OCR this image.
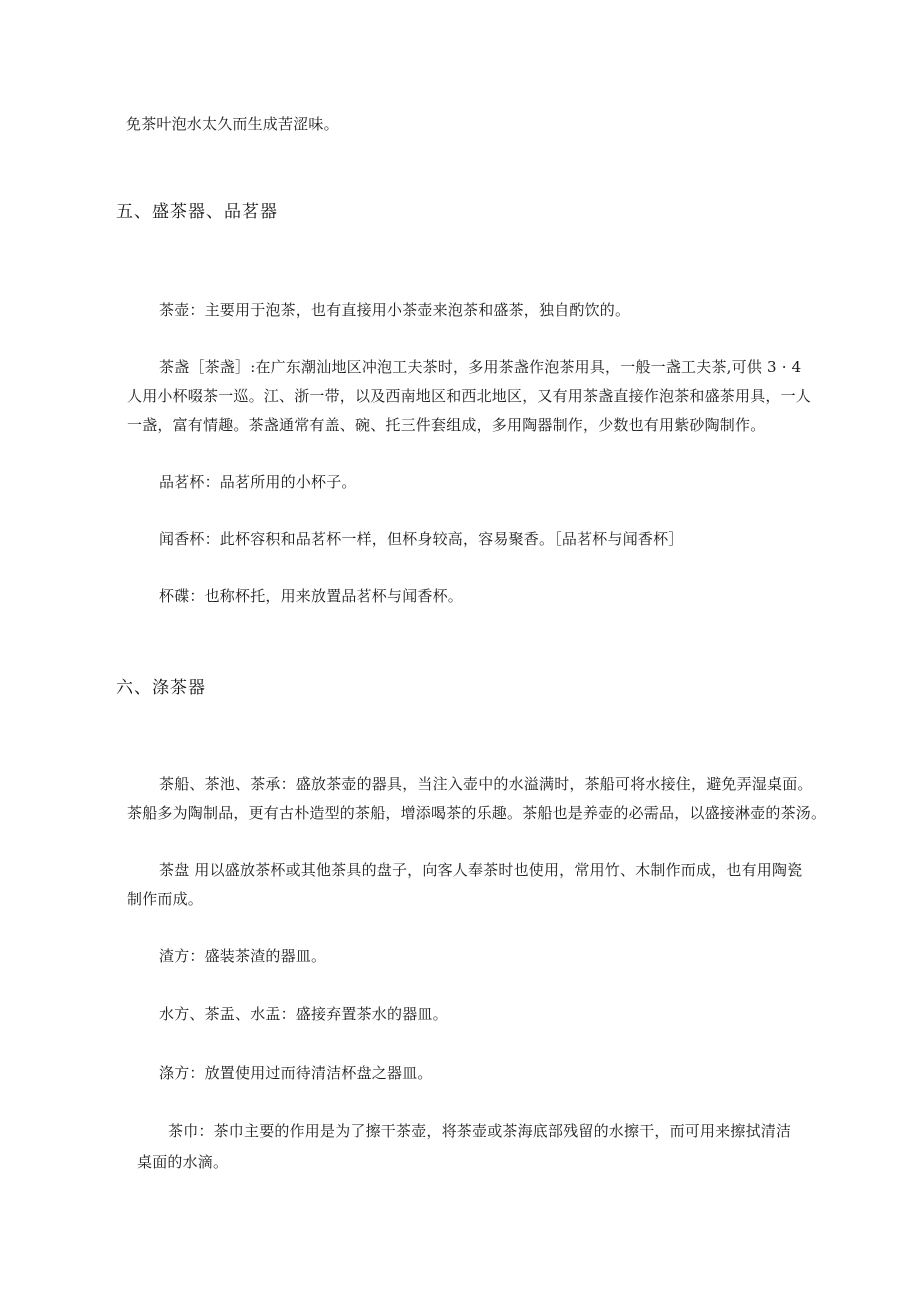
免茶叶泡水太久而生成苦涩味。
五、盛茶器、品茗器
茶壶：主要用于泡茶，也有直接用小茶壶来泡茶和盛茶，独自酌饮的。
茶盏［茶盏］:在广东潮汕地区冲泡工夫茶时，多用茶盏作泡茶用具，一般一盏工夫茶,可供 3 · 4
人用小杯啜茶一巡。江、浙一带，以及西南地区和西北地区，又有用茶盏直接作泡茶和盛茶用具，一人
一盏，富有情趣。茶盏通常有盖、碗、托三件套组成，多用陶器制作，少数也有用紫砂陶制作。
品茗杯：品茗所用的小杯子。
闻香杯：此杯容积和品茗杯一样，但杯身较高，容易聚香。［品茗杯与闻香杯］
杯碟：也称杯托，用来放置品茗杯与闻香杯。
六、涤茶器
茶船、茶池、茶承：盛放茶壶的器具，当注入壶中的水溢满时，茶船可将水接住，避免弄湿桌面。
茶船多为陶制品，更有古朴造型的茶船，增添喝茶的乐趣。茶船也是养壶的必需品，以盛接淋壶的茶汤。
茶盘 用以盛放茶杯或其他茶具的盘子，向客人奉茶时也使用，常用竹、木制作而成，也有用陶瓷
制作而成。
渣方：盛装茶渣的器皿。
水方、茶盂、水盂：盛接弃置茶水的器皿。
涤方：放置使用过而待清洁杯盘之器皿。
茶巾：茶巾主要的作用是为了擦干茶壶，将茶壶或茶海底部残留的水擦干，而可用来擦拭清洁
桌面的水滴。
